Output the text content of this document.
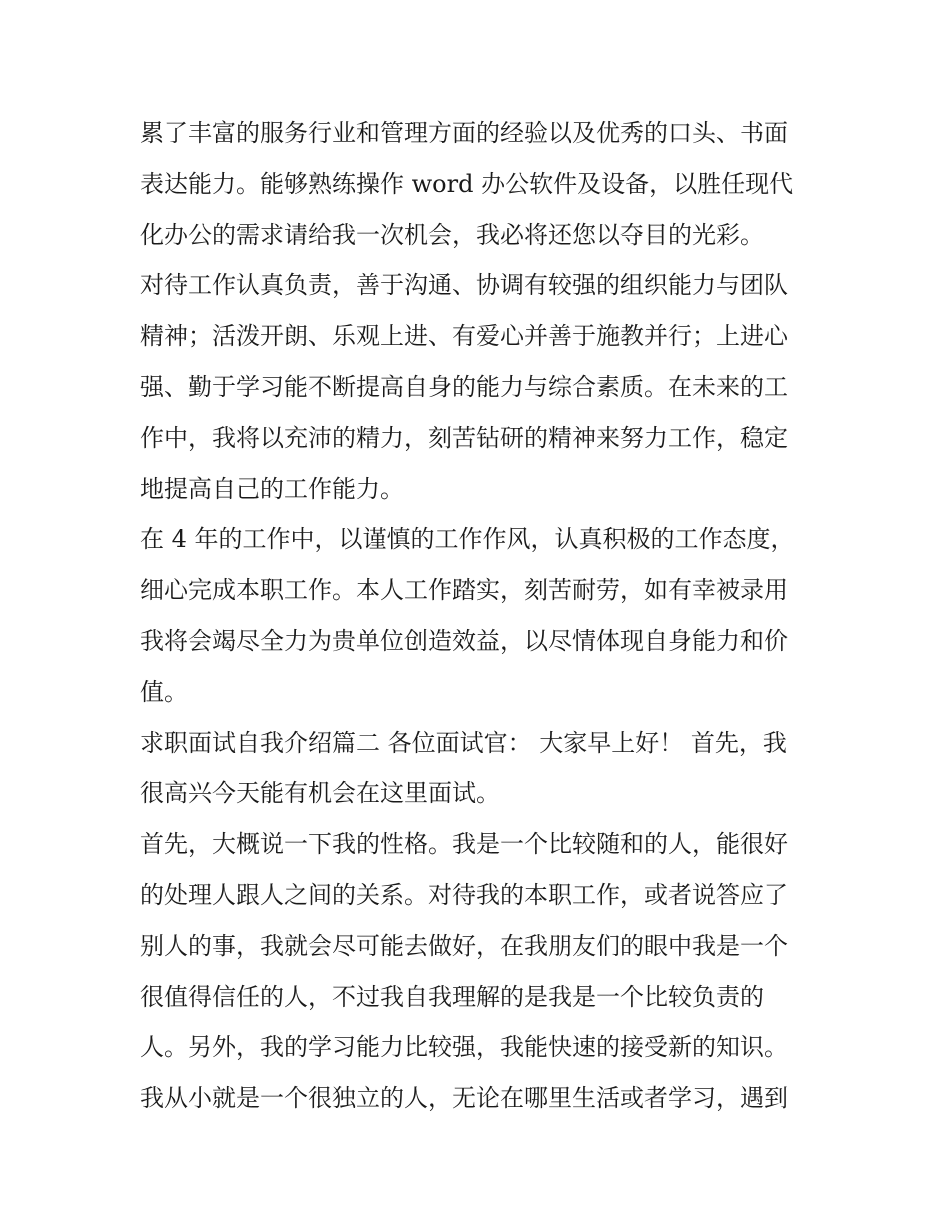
累了丰富的服务行业和管理方面的经验以及优秀的口头、书面
表达能力。能够熟练操作 word 办公软件及设备，以胜任现代
化办公的需求请给我一次机会，我必将还您以夺目的光彩。
对待工作认真负责，善于沟通、协调有较强的组织能力与团队
精神；活泼开朗、乐观上进、有爱心并善于施教并行；上进心
强、勤于学习能不断提高自身的能力与综合素质。在未来的工
作中，我将以充沛的精力，刻苦钻研的精神来努力工作，稳定
地提高自己的工作能力。
在 4 年的工作中，以谨慎的工作作风，认真积极的工作态度，
细心完成本职工作。本人工作踏实，刻苦耐劳，如有幸被录用
我将会竭尽全力为贵单位创造效益，以尽情体现自身能力和价
值。
求职面试自我介绍篇二 各位面试官： 大家早上好！ 首先，我
很高兴今天能有机会在这里面试。
首先，大概说一下我的性格。我是一个比较随和的人，能很好
的处理人跟人之间的关系。对待我的本职工作，或者说答应了
别人的事，我就会尽可能去做好，在我朋友们的眼中我是一个
很值得信任的人，不过我自我理解的是我是一个比较负责的
人。另外，我的学习能力比较强，我能快速的接受新的知识。
我从小就是一个很独立的人，无论在哪里生活或者学习，遇到
